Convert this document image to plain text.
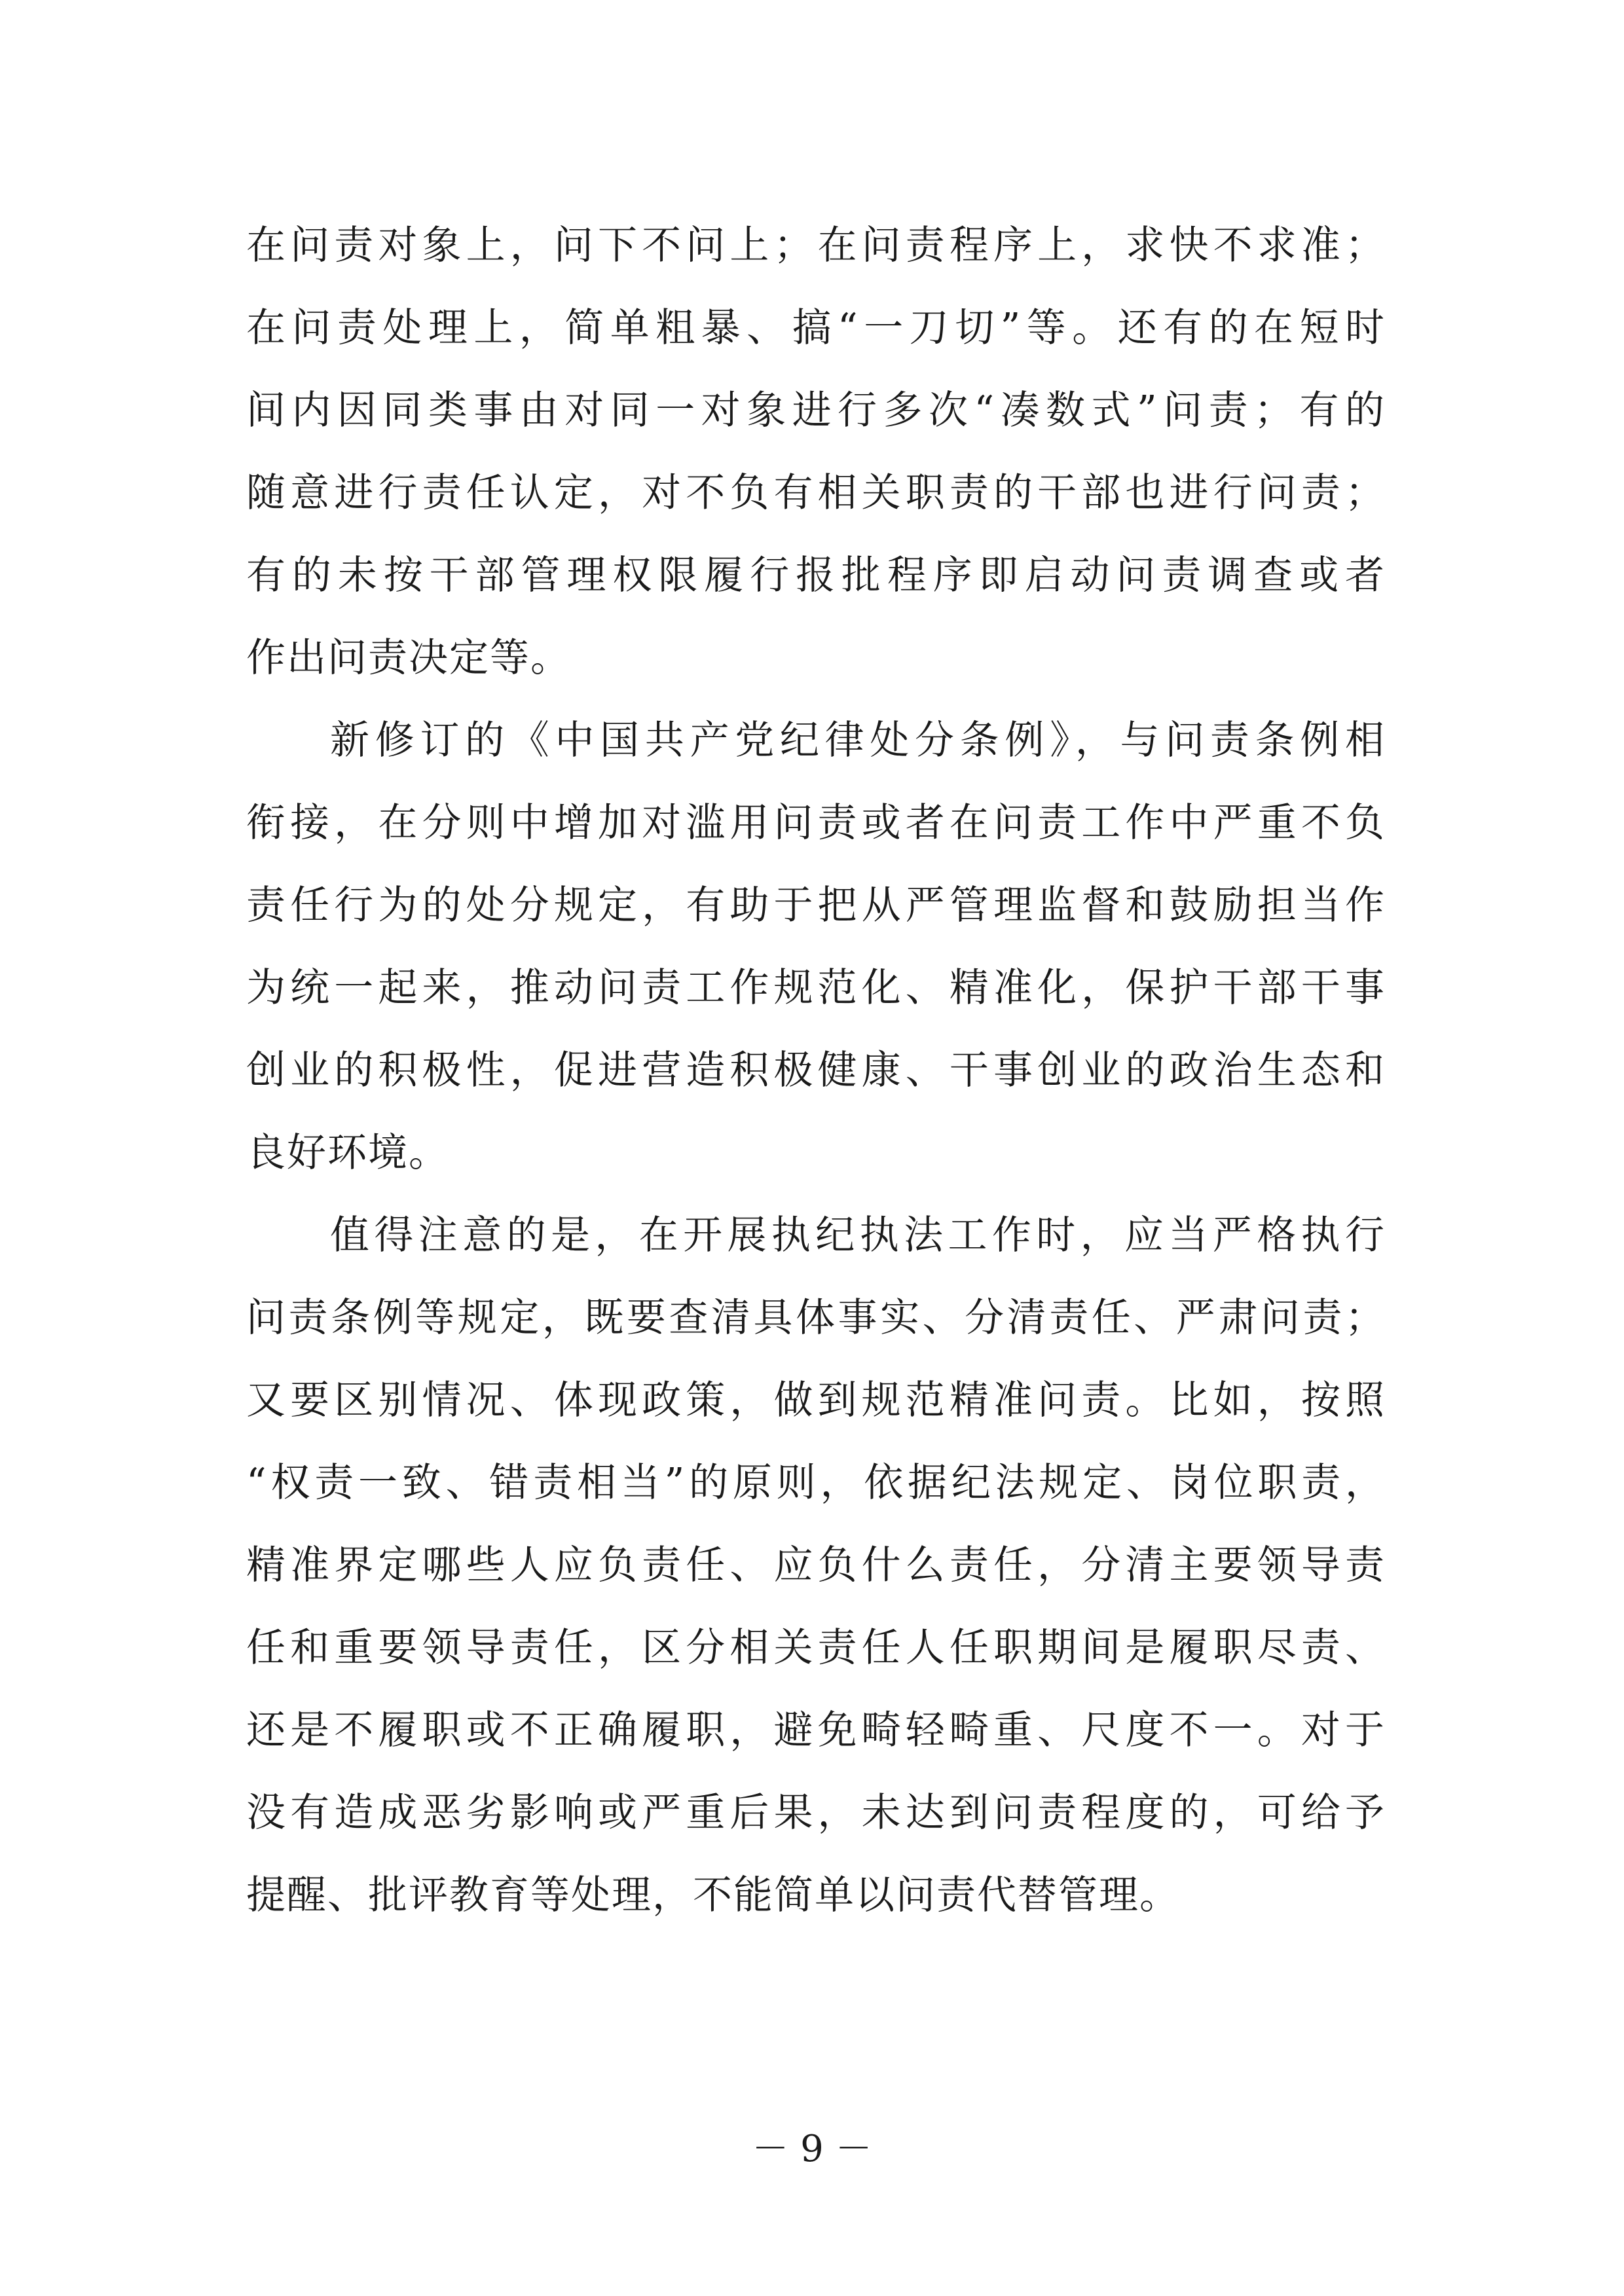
在问责对象上，问下不问上；在问责程序上，求快不求准；
在问责处理上，简单粗暴、搞“一刀切”等。还有的在短时
间内因同类事由对同一对象进行多次“凑数式”问责；有的
随意进行责任认定，对不负有相关职责的干部也进行问责；
有的未按干部管理权限履行报批程序即启动问责调查或者
作出问责决定等。
新修订的《中国共产党纪律处分条例》，与问责条例相
衔接，在分则中增加对滥用问责或者在问责工作中严重不负
责任行为的处分规定，有助于把从严管理监督和鼓励担当作
为统一起来，推动问责工作规范化、精准化，保护干部干事
创业的积极性，促进营造积极健康、干事创业的政治生态和
良好环境。
值得注意的是，在开展执纪执法工作时，应当严格执行
问责条例等规定，既要查清具体事实、分清责任、严肃问责；
又要区别情况、体现政策，做到规范精准问责。比如，按照
“权责一致、错责相当”的原则，依据纪法规定、岗位职责，
精准界定哪些人应负责任、应负什么责任，分清主要领导责
任和重要领导责任，区分相关责任人任职期间是履职尽责、
还是不履职或不正确履职，避免畸轻畸重、尺度不一。对于
没有造成恶劣影响或严重后果，未达到问责程度的，可给予
提醒、批评教育等处理，不能简单以问责代替管理。
－ 9 －
